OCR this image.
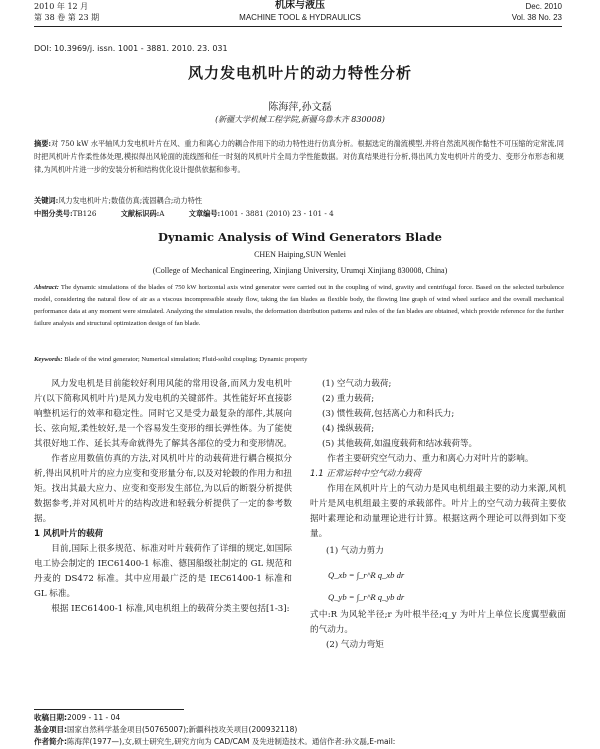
2010 年 12 月
第 38 卷 第 23 期
机床与液压
MACHINE TOOL & HYDRAULICS
Dec. 2010
Vol. 38 No. 23
DOI: 10.3969/j. issn. 1001 - 3881. 2010. 23. 031
风力发电机叶片的动力特性分析
陈海萍,孙文磊
(新疆大学机械工程学院,新疆乌鲁木齐 830008)
摘要:对 750 kW 水平轴风力发电机叶片在风、重力和离心力的耦合作用下的动力特性进行仿真分析。根据选定的湍流模型,并将自然流风视作黏性不可压缩的定常流,同时把风机叶片作柔性体处理,模拟得出风轮面的流线图和任一时刻的风机叶片全局力学性能数据。对仿真结果进行分析,得出风力发电机叶片的受力、变形分布形态和规律,为风机叶片进一步的安装分析和结构优化设计提供依据和参考。
关键词:风力发电机叶片;数值仿真;流固耦合;动力特性
中图分类号:TB126	文献标识码:A	文章编号:1001 - 3881 (2010) 23 - 101 - 4
Dynamic Analysis of Wind Generators Blade
CHEN Haiping,SUN Wenlei
(College of Mechanical Engineering, Xinjiang University, Urumqi Xinjiang 830008, China)
Abstract: The dynamic simulations of the blades of 750 kW horizontal axis wind generator were carried out in the coupling of wind, gravity and centrifugal force. Based on the selected turbulence model, considering the natural flow of air as a viscous incompressible steady flow, taking the fan blades as flexible body, the flowing line graph of wind wheel surface and the overall mechanical performance data at any moment were simulated. Analyzing the simulation results, the deformation distribution patterns and rules of the fan blades are obtained, which provide reference for the further failure analysis and structural optimization design of fan blade.
Keywords: Blade of the wind generator; Numerical simulation; Fluid-solid coupling; Dynamic property

风力发电机是目前能较好利用风能的常用设备,而风力发电机叶片(以下简称风机叶片)是风力发电机的关键部件。其性能好坏直接影响整机运行的效率和稳定性。同时它又是受力最复杂的部件,其展向长、弦向短,柔性较好,是一个容易发生变形的细长弹性体。为了能使其很好地工作、延长其寿命就得先了解其各部位的受力和变形情况。

作者应用数值仿真的方法,对风机叶片的动载荷进行耦合模拟分析,得出风机叶片的应力应变和变形量分布,以及对轮毂的作用力和扭矩。找出其最大应力、应变和变形发生部位,为以后的断裂分析提供数据参考,并对风机叶片的结构改进和轻载分析提供了一定的参考数据。

1 风机叶片的载荷

目前,国际上很多规范、标准对叶片载荷作了详细的规定,如国际电工协会制定的 IEC61400-1 标准、德国船级社制定的 GL 规范和丹麦的 DS472 标准。其中应用最广泛的是 IEC61400-1 标准和 GL 标准。

根据 IEC61400-1 标准,风电机组上的载荷分类主要包括[1-3]:

(1) 空气动力载荷;
(2) 重力载荷;
(3) 惯性载荷,包括离心力和科氏力;
(4) 操纵载荷;
(5) 其他载荷,如温度载荷和结冰载荷等。

作者主要研究空气动力、重力和离心力对叶片的影响。

1.1 正常运转中空气动力载荷

作用在风机叶片上的气动力是风电机组最主要的动力来源,风机叶片是风电机组最主要的承载部件。叶片上的空气动力载荷主要依据叶素理论和动量理论进行计算。根据这两个理论可以得到如下变量。

(1) 气动力剪力
Q_xb = ∫_r^R q_xb dr
Q_yb = ∫_r^R q_yb dr
式中:R 为风轮半径;r 为叶根半径;q_y 为叶片上单位长度翼型截面的气动力。
(2) 气动力弯矩
收稿日期:2009 - 11 - 04
基金项目:国家自然科学基金项目(50765007);新疆科技攻关项目(200932118)
作者简介:陈海萍(1977—),女,硕士研究生,研究方向为 CAD/CAM 及先进制造技术。通信作者:孙文磊,E-mail:
